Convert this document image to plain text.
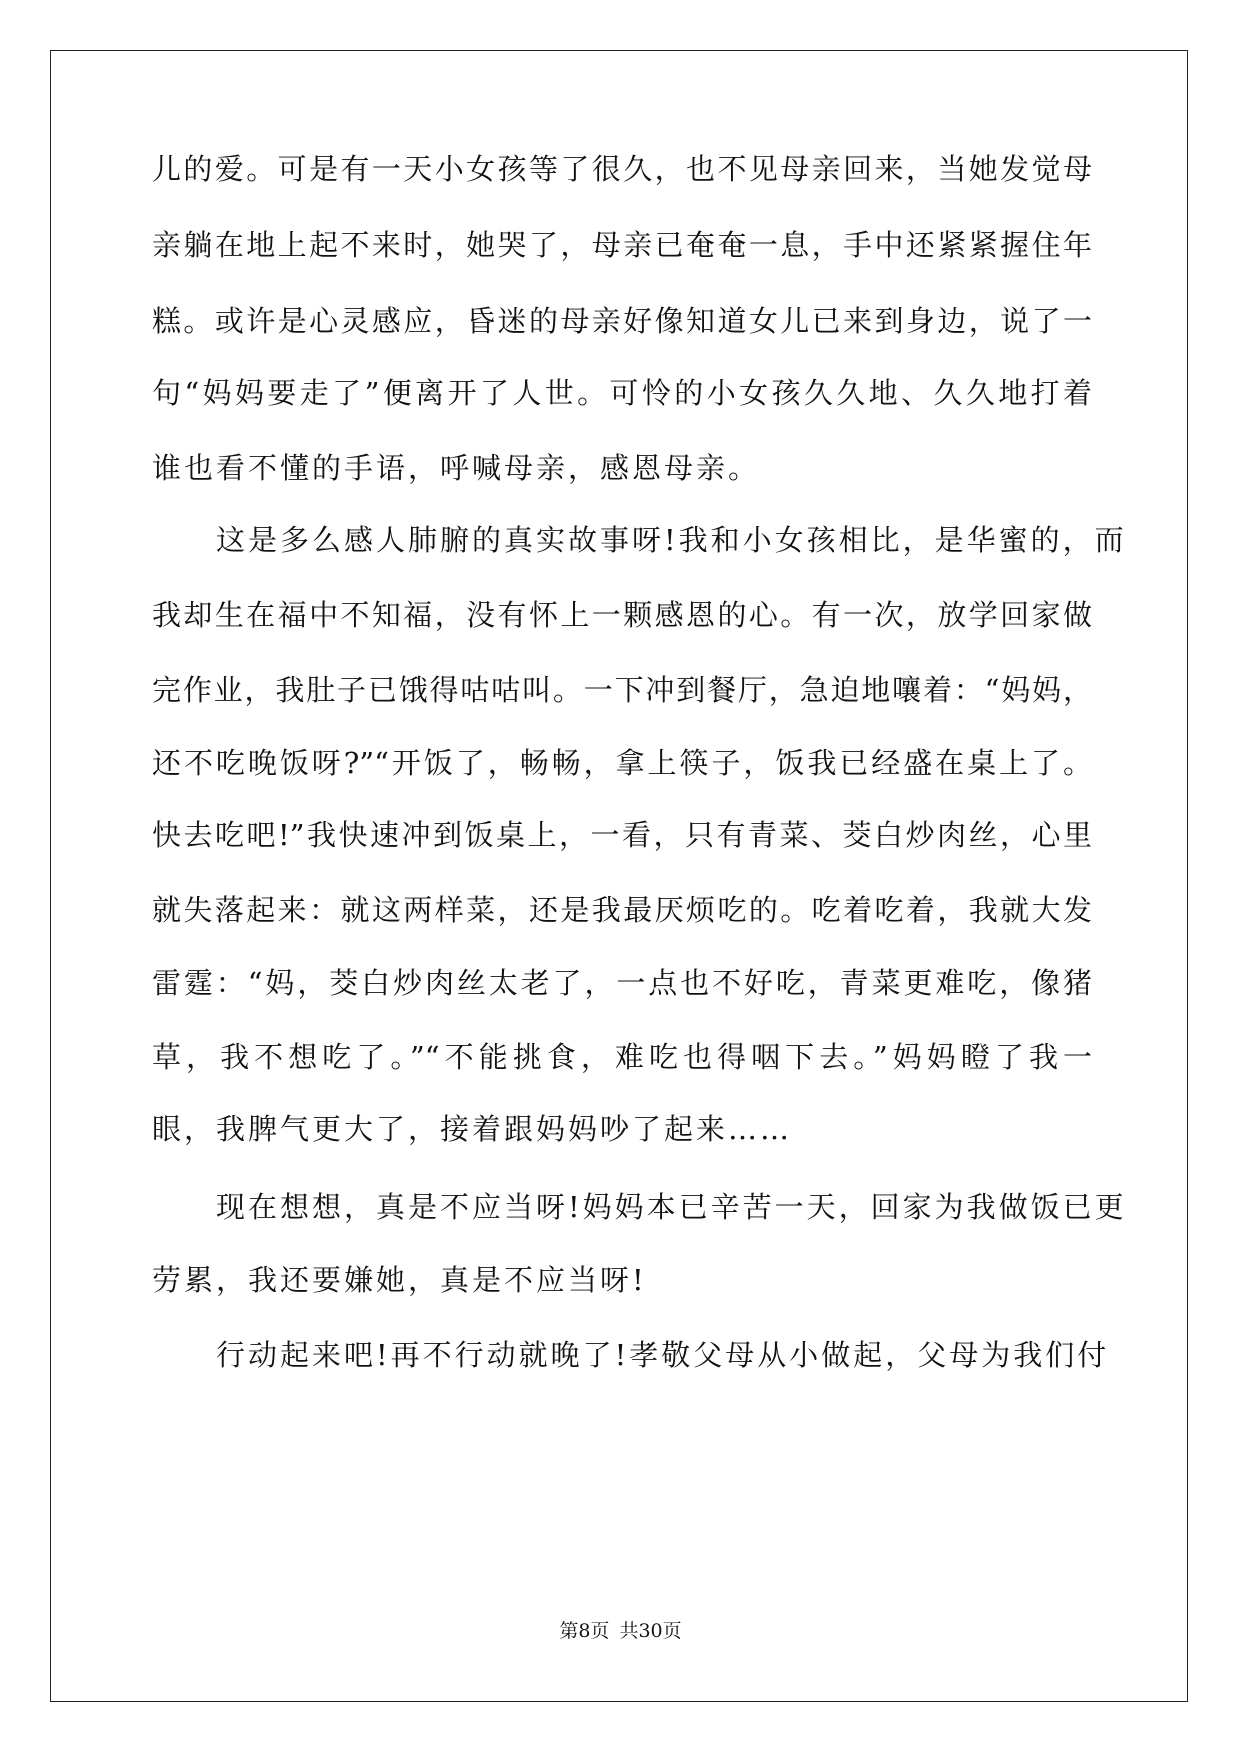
儿的爱。可是有一天小女孩等了很久，也不见母亲回来，当她发觉母
亲躺在地上起不来时，她哭了，母亲已奄奄一息，手中还紧紧握住年
糕。或许是心灵感应，昏迷的母亲好像知道女儿已来到身边，说了一
句“妈妈要走了”便离开了人世。可怜的小女孩久久地、久久地打着
谁也看不懂的手语，呼喊母亲，感恩母亲。
　　这是多么感人肺腑的真实故事呀!我和小女孩相比，是华蜜的，而
我却生在福中不知福，没有怀上一颗感恩的心。有一次，放学回家做
完作业，我肚子已饿得咕咕叫。一下冲到餐厅，急迫地嚷着：“妈妈，
还不吃晚饭呀?”“开饭了，畅畅，拿上筷子，饭我已经盛在桌上了。
快去吃吧!”我快速冲到饭桌上，一看，只有青菜、茭白炒肉丝，心里
就失落起来：就这两样菜，还是我最厌烦吃的。吃着吃着，我就大发
雷霆：“妈，茭白炒肉丝太老了，一点也不好吃，青菜更难吃，像猪
草，我不想吃了。”“不能挑食，难吃也得咽下去。”妈妈瞪了我一
眼，我脾气更大了，接着跟妈妈吵了起来……
　　现在想想，真是不应当呀!妈妈本已辛苦一天，回家为我做饭已更
劳累，我还要嫌她，真是不应当呀!
　　行动起来吧!再不行动就晚了!孝敬父母从小做起，父母为我们付
第8页 共30页
